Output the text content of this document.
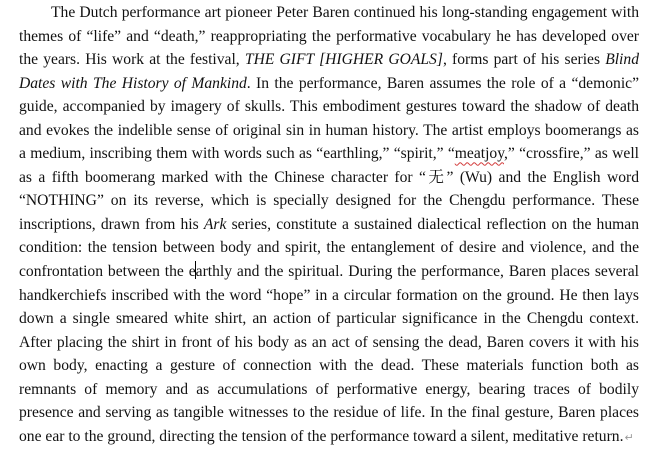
The Dutch performance art pioneer Peter Baren continued his long-standing engagement with themes of “life” and “death,” reappropriating the performative vocabulary he has developed over the years. His work at the festival, THE GIFT [HIGHER GOALS], forms part of his series Blind Dates with The History of Mankind. In the performance, Baren assumes the role of a “demonic” guide, accompanied by imagery of skulls. This embodiment gestures toward the shadow of death and evokes the indelible sense of original sin in human history. The artist employs boomerangs as a medium, inscribing them with words such as “earthling,” “spirit,” “meatjoy,” “crossfire,” as well as a fifth boomerang marked with the Chinese character for “无” (Wu) and the English word “NOTHING” on its reverse, which is specially designed for the Chengdu performance. These inscriptions, drawn from his Ark series, constitute a sustained dialectical reflection on the human condition: the tension between body and spirit, the entanglement of desire and violence, and the confrontation between the earthly and the spiritual. During the performance, Baren places several handkerchiefs inscribed with the word “hope” in a circular formation on the ground. He then lays down a single smeared white shirt, an action of particular significance in the Chengdu context. After placing the shirt in front of his body as an act of sensing the dead, Baren covers it with his own body, enacting a gesture of connection with the dead. These materials function both as remnants of memory and as accumulations of performative energy, bearing traces of bodily presence and serving as tangible witnesses to the residue of life. In the final gesture, Baren places one ear to the ground, directing the tension of the performance toward a silent, meditative return.↵
